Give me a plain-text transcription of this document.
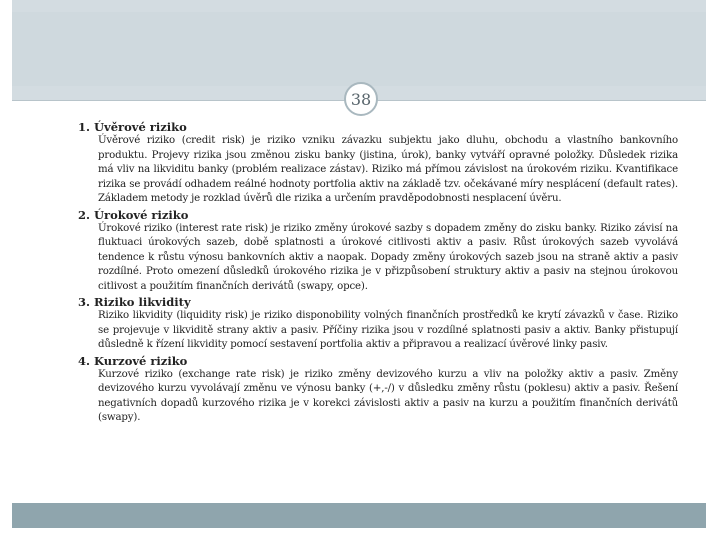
38

1. Úvěrové riziko

Úvěrové riziko (credit risk) je riziko vzniku závazku subjektu jako dluhu, obchodu a vlastního bankovního produktu. Projevy rizika jsou změnou zisku banky (jistina, úrok), banky vytváří opravné položky. Důsledek rizika má vliv na likviditu banky (problém realizace zástav). Riziko má přímou závislost na úrokovém riziku. Kvantifikace rizika se provádí odhadem reálné hodnoty portfolia aktiv na základě tzv. očekávané míry nesplácení (default rates). Základem metody je rozklad úvěrů dle rizika a určením pravděpodobnosti nesplacení úvěru.

2. Úrokové riziko

Úrokové riziko (interest rate risk) je riziko změny úrokové sazby s dopadem změny do zisku banky. Riziko závisí na fluktuaci úrokových sazeb, době splatnosti a úrokové citlivosti aktiv a pasiv. Růst úrokových sazeb vyvolává tendence k růstu výnosu bankovních aktiv a naopak. Dopady změny úrokových sazeb jsou na straně aktiv a pasiv rozdílné. Proto omezení důsledků úrokového rizika je v přizpůsobení struktury aktiv a pasiv na stejnou úrokovou citlivost a použitím finančních derivátů (swapy, opce).

3. Riziko likvidity

Riziko likvidity (liquidity risk) je riziko disponobility volných finančních prostředků ke krytí závazků v čase. Riziko se projevuje v likviditě strany aktiv a pasiv. Příčiny rizika jsou v rozdílné splatnosti pasiv a aktiv. Banky přistupují důsledně k řízení likvidity pomocí sestavení portfolia aktiv a připravou a realizací úvěrové linky pasiv.

4. Kurzové riziko

Kurzové riziko (exchange rate risk) je riziko změny devizového kurzu a vliv na položky aktiv a pasiv. Změny devizového kurzu vyvolávají změnu ve výnosu banky (+,-/) v důsledku změny růstu (poklesu) aktiv a pasiv. Řešení negativních dopadů kurzového rizika je v korekci závislosti aktiv a pasiv na kurzu a použitím finančních derivátů (swapy).
